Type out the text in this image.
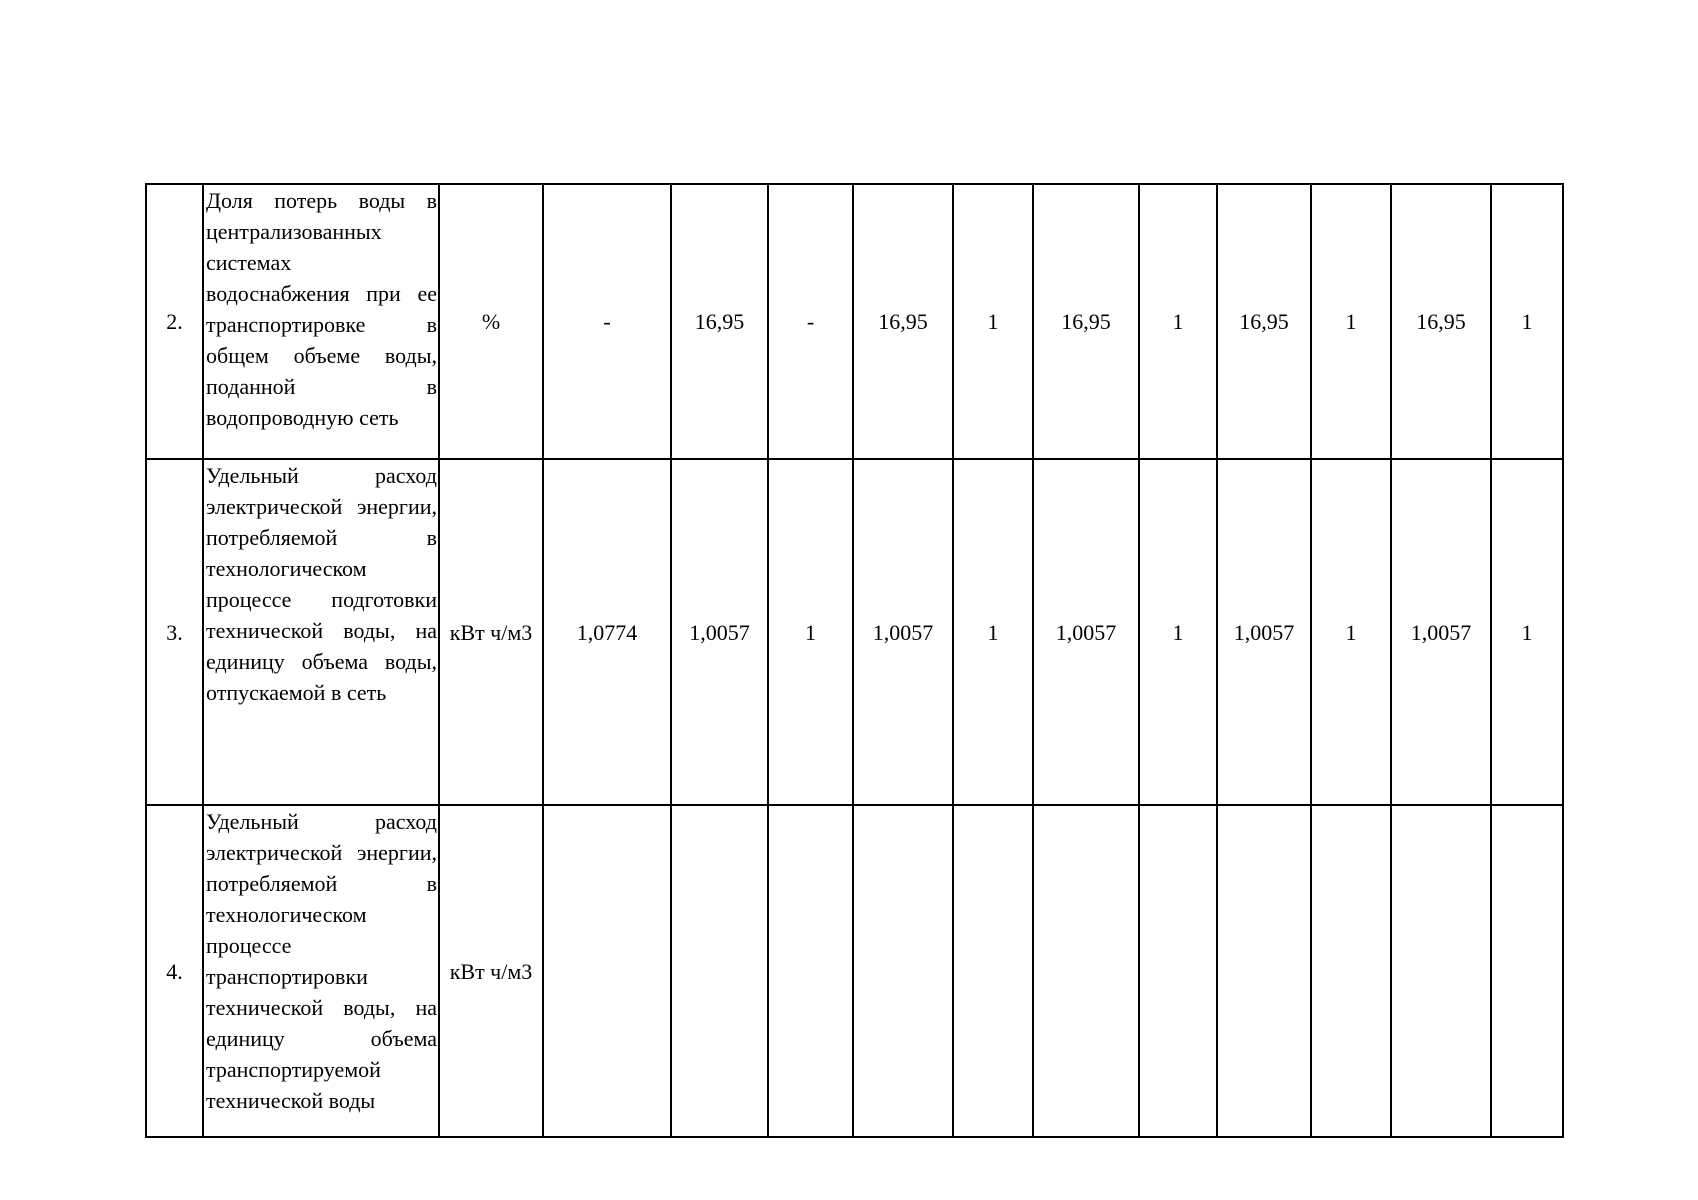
2.	Доля потерь воды в централизованных системах водоснабжения при ее транспортировке в общем объеме воды, поданной в водопроводную сеть	%	-	16,95	-	16,95	1	16,95	1	16,95	1	16,95	1
3.	Удельный расход электрической энергии, потребляемой в технологическом процессе подготовки технической воды, на единицу объема воды, отпускаемой в сеть	кВт ч/м3	1,0774	1,0057	1	1,0057	1	1,0057	1	1,0057	1	1,0057	1
4.	Удельный расход электрической энергии, потребляемой в технологическом процессе транспортировки технической воды, на единицу объема транспортируемой технической воды	кВт ч/м3											
